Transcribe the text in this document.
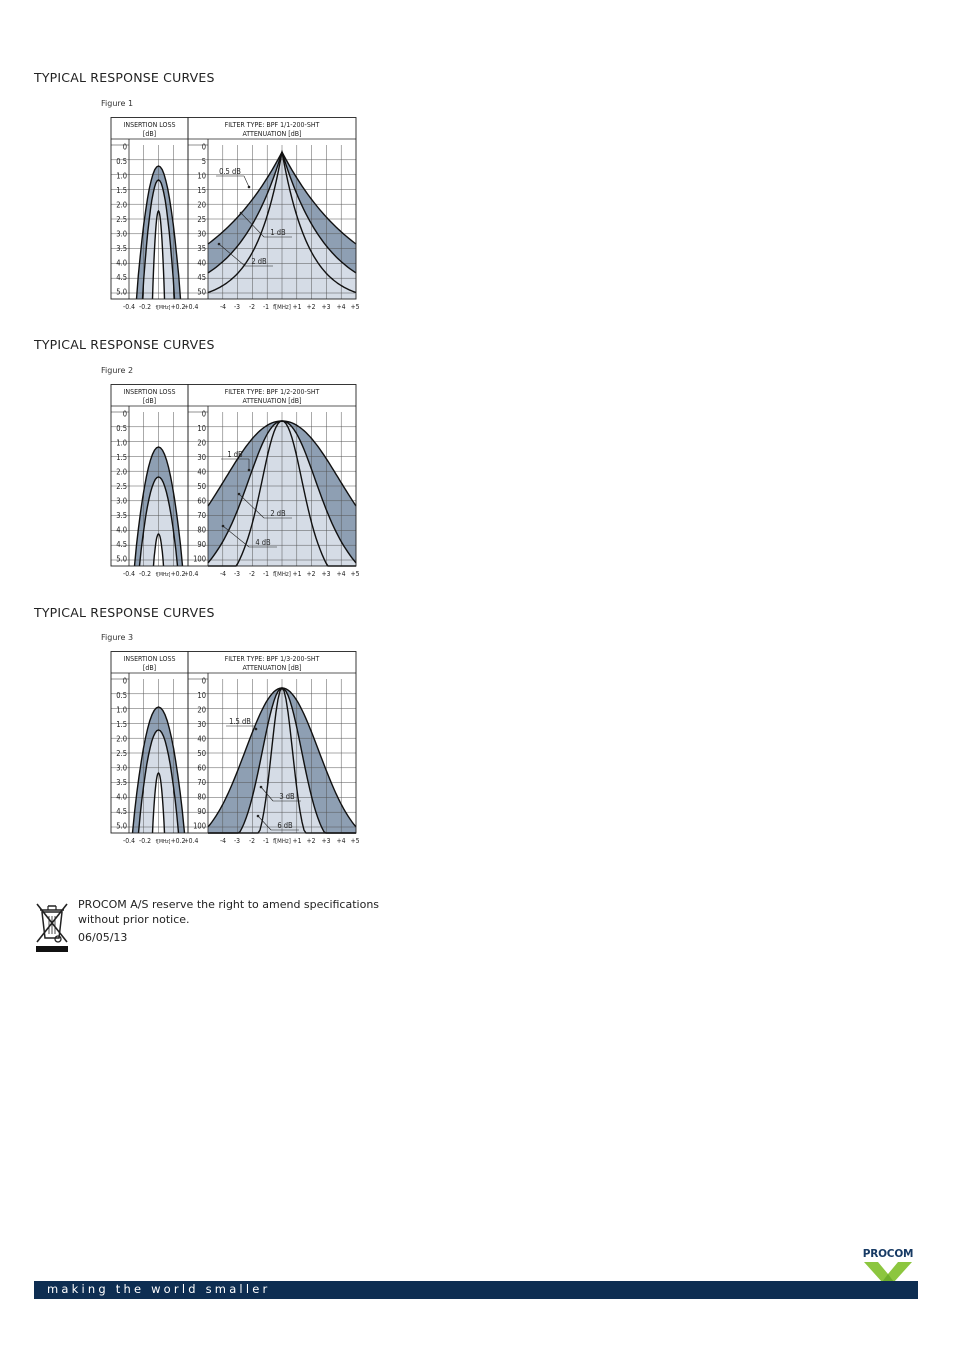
TYPICAL RESPONSE CURVES
Figure 1
INSERTION LOSS
[dB]
FILTER TYPE: BPF 1/1-200-SHT
ATTENUATION [dB]
0
0.5
1.0
1.5
2.0
2.5
3.0
3.5
4.0
4.5
5.0
0
5
10
15
20
25
30
35
40
45
50
-0.4 -0.2 f[MHz] +0.2
+0.4	-4 -3 -2 -1 f[MHz] +1 +2 +3 +4 +5
0.5 dB
1 dB
2 dB
TYPICAL RESPONSE CURVES
Figure 2
INSERTION LOSS
[dB]
FILTER TYPE: BPF 1/2-200-SHT
ATTENUATION [dB]
0
0.5
1.0
1.5
2.0
2.5
3.0
3.5
4.0
4.5
5.0
0
10
20
30
40
50
60
70
80
90
100
-0.4 -0.2 f[MHz] +0.2
+0.4	-4 -3 -2 -1 f[MHz] +1 +2 +3 +4 +5
1 dB
2 dB
4 dB
TYPICAL RESPONSE CURVES
Figure 3
INSERTION LOSS
[dB]
FILTER TYPE: BPF 1/3-200-SHT
ATTENUATION [dB]
0
0.5
1.0
1.5
2.0
2.5
3.0
3.5
4.0
4.5
5.0
0
10
20
30
40
50
60
70
80
90
100
-0.4 -0.2 f[MHz] +0.2
+0.4	-4 -3 -2 -1 f[MHz] +1 +2 +3 +4 +5
1.5 dB
3 dB
6 dB
PROCOM A/S reserve the right to amend specifications
without prior notice.
06/05/13
PROCOM
making the world smaller
